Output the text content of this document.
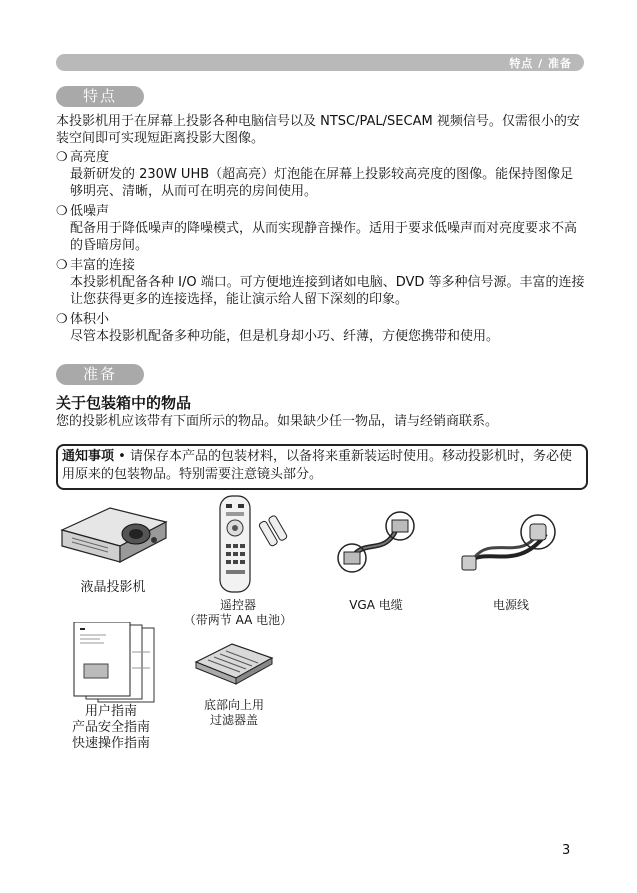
特点 / 准备
特点
本投影机用于在屏幕上投影各种电脑信号以及 NTSC/PAL/SECAM 视频信号。仅需很小的安装空间即可实现短距离投影大图像。
❍ 高亮度
最新研发的 230W UHB（超高亮）灯泡能在屏幕上投影较高亮度的图像。能保持图像足够明亮、清晰，从而可在明亮的房间使用。
❍ 低噪声
配备用于降低噪声的降噪模式，从而实现静音操作。适用于要求低噪声而对亮度要求不高的昏暗房间。
❍ 丰富的连接
本投影机配备各种 I/O 端口。可方便地连接到诸如电脑、DVD 等多种信号源。丰富的连接让您获得更多的连接选择，能让演示给人留下深刻的印象。
❍ 体积小
尽管本投影机配备多种功能，但是机身却小巧、纤薄，方便您携带和使用。
准备
关于包装箱中的物品
您的投影机应该带有下面所示的物品。如果缺少任一物品，请与经销商联系。
通知事项 • 请保存本产品的包装材料，以备将来重新装运时使用。移动投影机时，务必使用原来的包装物品。特别需要注意镜头部分。
液晶投影机
遥控器
（带两节 AA 电池）
VGA 电缆	电源线
用户指南
产品安全指南
快速操作指南
底部向上用
过滤器盖
3
